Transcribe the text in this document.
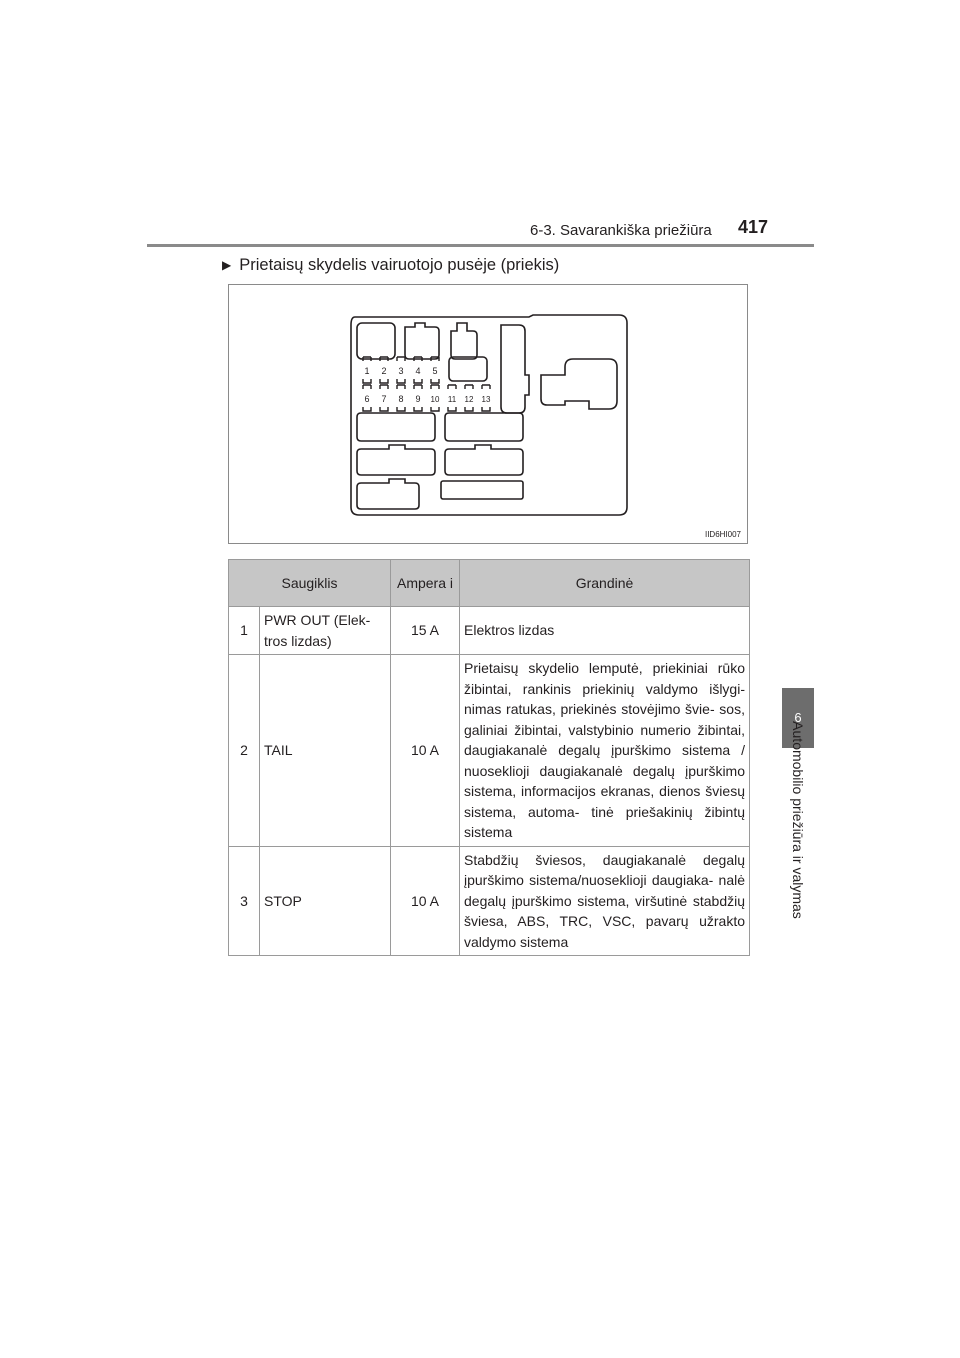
6-3. Savarankiška priežiūra 417
6
Automobilio priežiūra ir valymas
▶ Prietaisų skydelis vairuotojo pusėje (priekis)
1 2 3 4 5
6 7 8 9 10 11 12 13
IID6HI007
Saugiklis		Ampera i	Grandinė
1	PWR OUT (Elek- tros lizdas)	15 A	Elektros lizdas
2	TAIL	10 A	Prietaisų skydelio lemputė, priekiniai rūko žibintai, rankinis priekinių valdymo išlygi- nimas ratukas, priekinės stovėjimo švie- sos, galiniai žibintai, valstybinio numerio žibintai, daugiakanalė degalų įpurškimo sistema / nuoseklioji daugiakanalė degalų įpurškimo sistema, informacijos ekranas, dienos šviesų sistema, automa- tinė priešakinių žibintų sistema
3	STOP	10 A	Stabdžių šviesos, daugiakanalė degalų įpurškimo sistema/nuoseklioji daugiaka- nalė degalų įpurškimo sistema, viršutinė stabdžių šviesa, ABS, TRC, VSC, pavarų užrakto valdymo sistema
